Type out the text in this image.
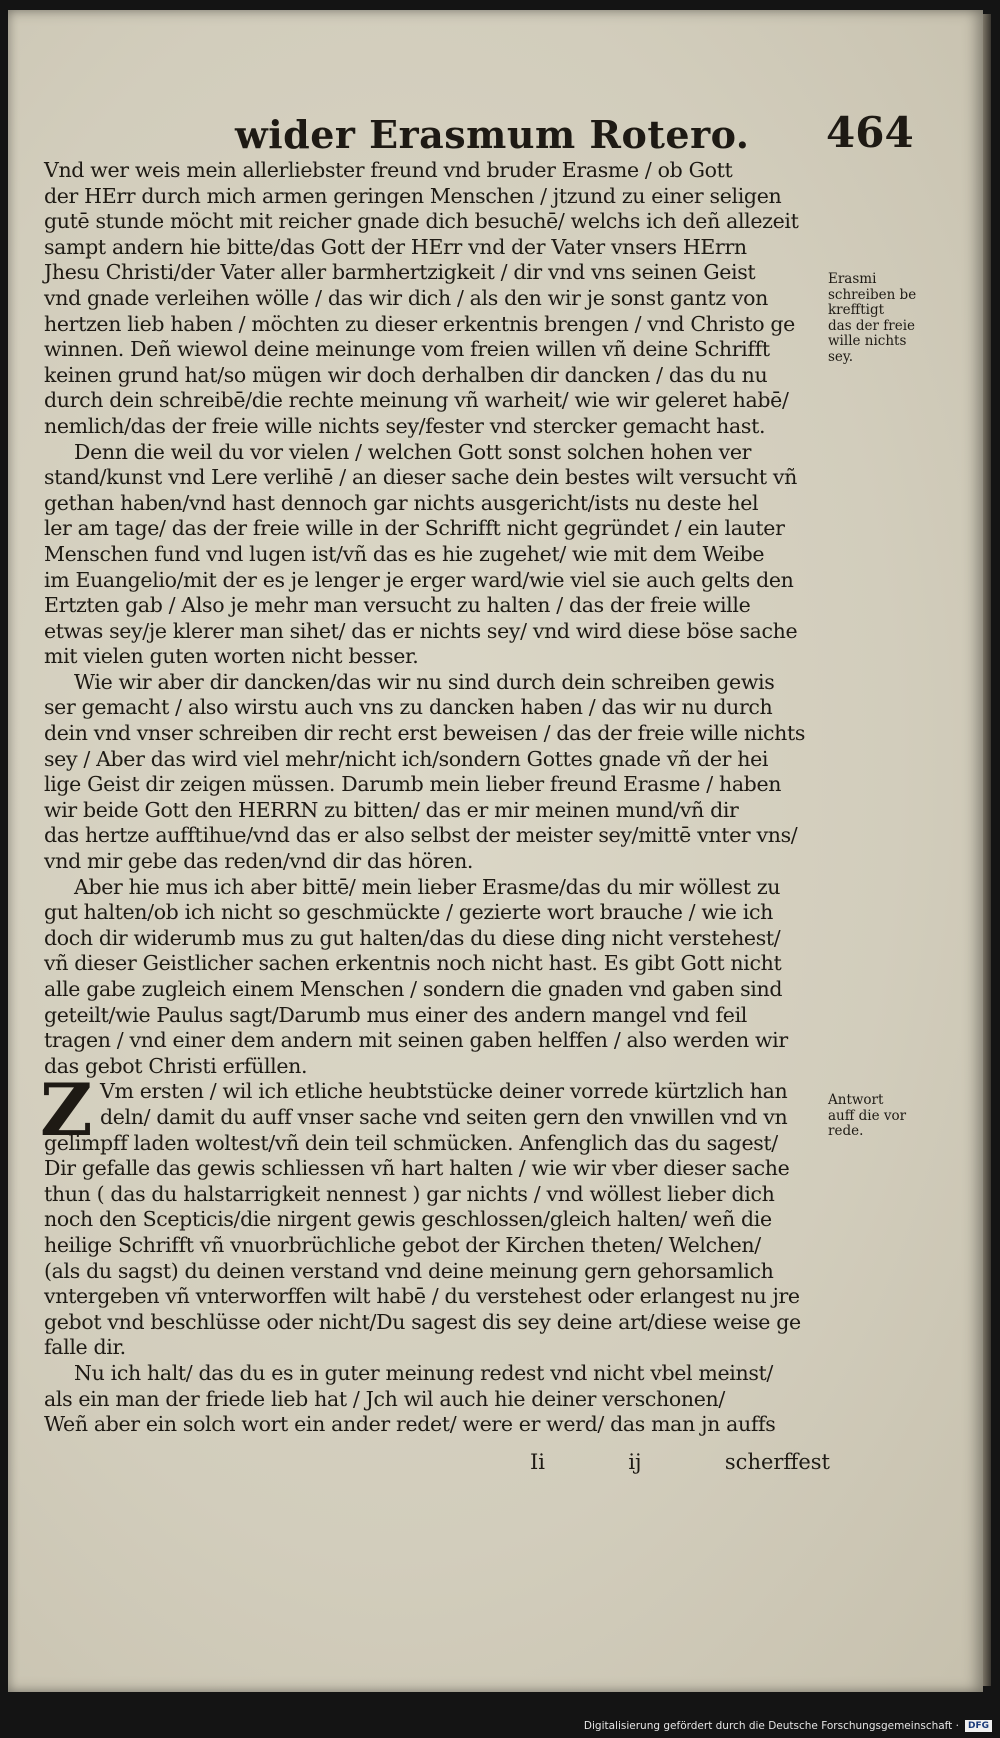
wider Erasmum Rotero. 464
Vnd wer weis mein allerliebster freund vnd bruder Erasme / ob Gott
der HErr durch mich armen geringen Menschen / jtzund zu einer seligen
gutē stunde möcht mit reicher gnade dich besuchē/ welchs ich deñ allezeit
sampt andern hie bitte/das Gott der HErr vnd der Vater vnsers HErrn
Jhesu Christi/der Vater aller barmhertzigkeit / dir vnd vns seinen Geist
vnd gnade verleihen wölle / das wir dich / als den wir je sonst gantz von
hertzen lieb haben / möchten zu dieser erkentnis brengen / vnd Christo ge
winnen. Deñ wiewol deine meinunge vom freien willen vñ deine Schrifft
keinen grund hat/so mügen wir doch derhalben dir dancken / das du nu
durch dein schreibē/die rechte meinung vñ warheit/ wie wir geleret habē/
nemlich/das der freie wille nichts sey/fester vnd stercker gemacht hast.
Denn die weil du vor vielen / welchen Gott sonst solchen hohen ver
stand/kunst vnd Lere verlihē / an dieser sache dein bestes wilt versucht vñ
gethan haben/vnd hast dennoch gar nichts ausgericht/ists nu deste hel
ler am tage/ das der freie wille in der Schrifft nicht gegründet / ein lauter
Menschen fund vnd lugen ist/vñ das es hie zugehet/ wie mit dem Weibe
im Euangelio/mit der es je lenger je erger ward/wie viel sie auch gelts den
Ertzten gab / Also je mehr man versucht zu halten / das der freie wille
etwas sey/je klerer man sihet/ das er nichts sey/ vnd wird diese böse sache
mit vielen guten worten nicht besser.
Wie wir aber dir dancken/das wir nu sind durch dein schreiben gewis
ser gemacht / also wirstu auch vns zu dancken haben / das wir nu durch
dein vnd vnser schreiben dir recht erst beweisen / das der freie wille nichts
sey / Aber das wird viel mehr/nicht ich/sondern Gottes gnade vñ der hei
lige Geist dir zeigen müssen. Darumb mein lieber freund Erasme / haben
wir beide Gott den HERRN zu bitten/ das er mir meinen mund/vñ dir
das hertze aufftihue/vnd das er also selbst der meister sey/mittē vnter vns/
vnd mir gebe das reden/vnd dir das hören.
Aber hie mus ich aber bittē/ mein lieber Erasme/das du mir wöllest zu
gut halten/ob ich nicht so geschmückte / gezierte wort brauche / wie ich
doch dir widerumb mus zu gut halten/das du diese ding nicht verstehest/
vñ dieser Geistlicher sachen erkentnis noch nicht hast. Es gibt Gott nicht
alle gabe zugleich einem Menschen / sondern die gnaden vnd gaben sind
geteilt/wie Paulus sagt/Darumb mus einer des andern mangel vnd feil
tragen / vnd einer dem andern mit seinen gaben helffen / also werden wir
das gebot Christi erfüllen.
Vm ersten / wil ich etliche heubtstücke deiner vorrede kürtzlich han
deln/ damit du auff vnser sache vnd seiten gern den vnwillen vnd vn
gelimpff laden woltest/vñ dein teil schmücken. Anfenglich das du sagest/
Dir gefalle das gewis schliessen vñ hart halten / wie wir vber dieser sache
thun ( das du halstarrigkeit nennest ) gar nichts / vnd wöllest lieber dich
noch den Scepticis/die nirgent gewis geschlossen/gleich halten/ weñ die
heilige Schrifft vñ vnuorbrüchliche gebot der Kirchen theten/ Welchen/
(als du sagst) du deinen verstand vnd deine meinung gern gehorsamlich
vntergeben vñ vnterworffen wilt habē / du verstehest oder erlangest nu jre
gebot vnd beschlüsse oder nicht/Du sagest dis sey deine art/diese weise ge
falle dir.
Nu ich halt/ das du es in guter meinung redest vnd nicht vbel meinst/
als ein man der friede lieb hat / Jch wil auch hie deiner verschonen/
Weñ aber ein solch wort ein ander redet/ were er werd/ das man jn auffs
Z
Erasmi
schreiben be
krefftigt
das der freie
wille nichts
sey.
Antwort
auff die vor
rede.
Ii	ij	scherffest
Digitalisierung gefördert durch die Deutsche Forschungsgemeinschaft ·	DFG
